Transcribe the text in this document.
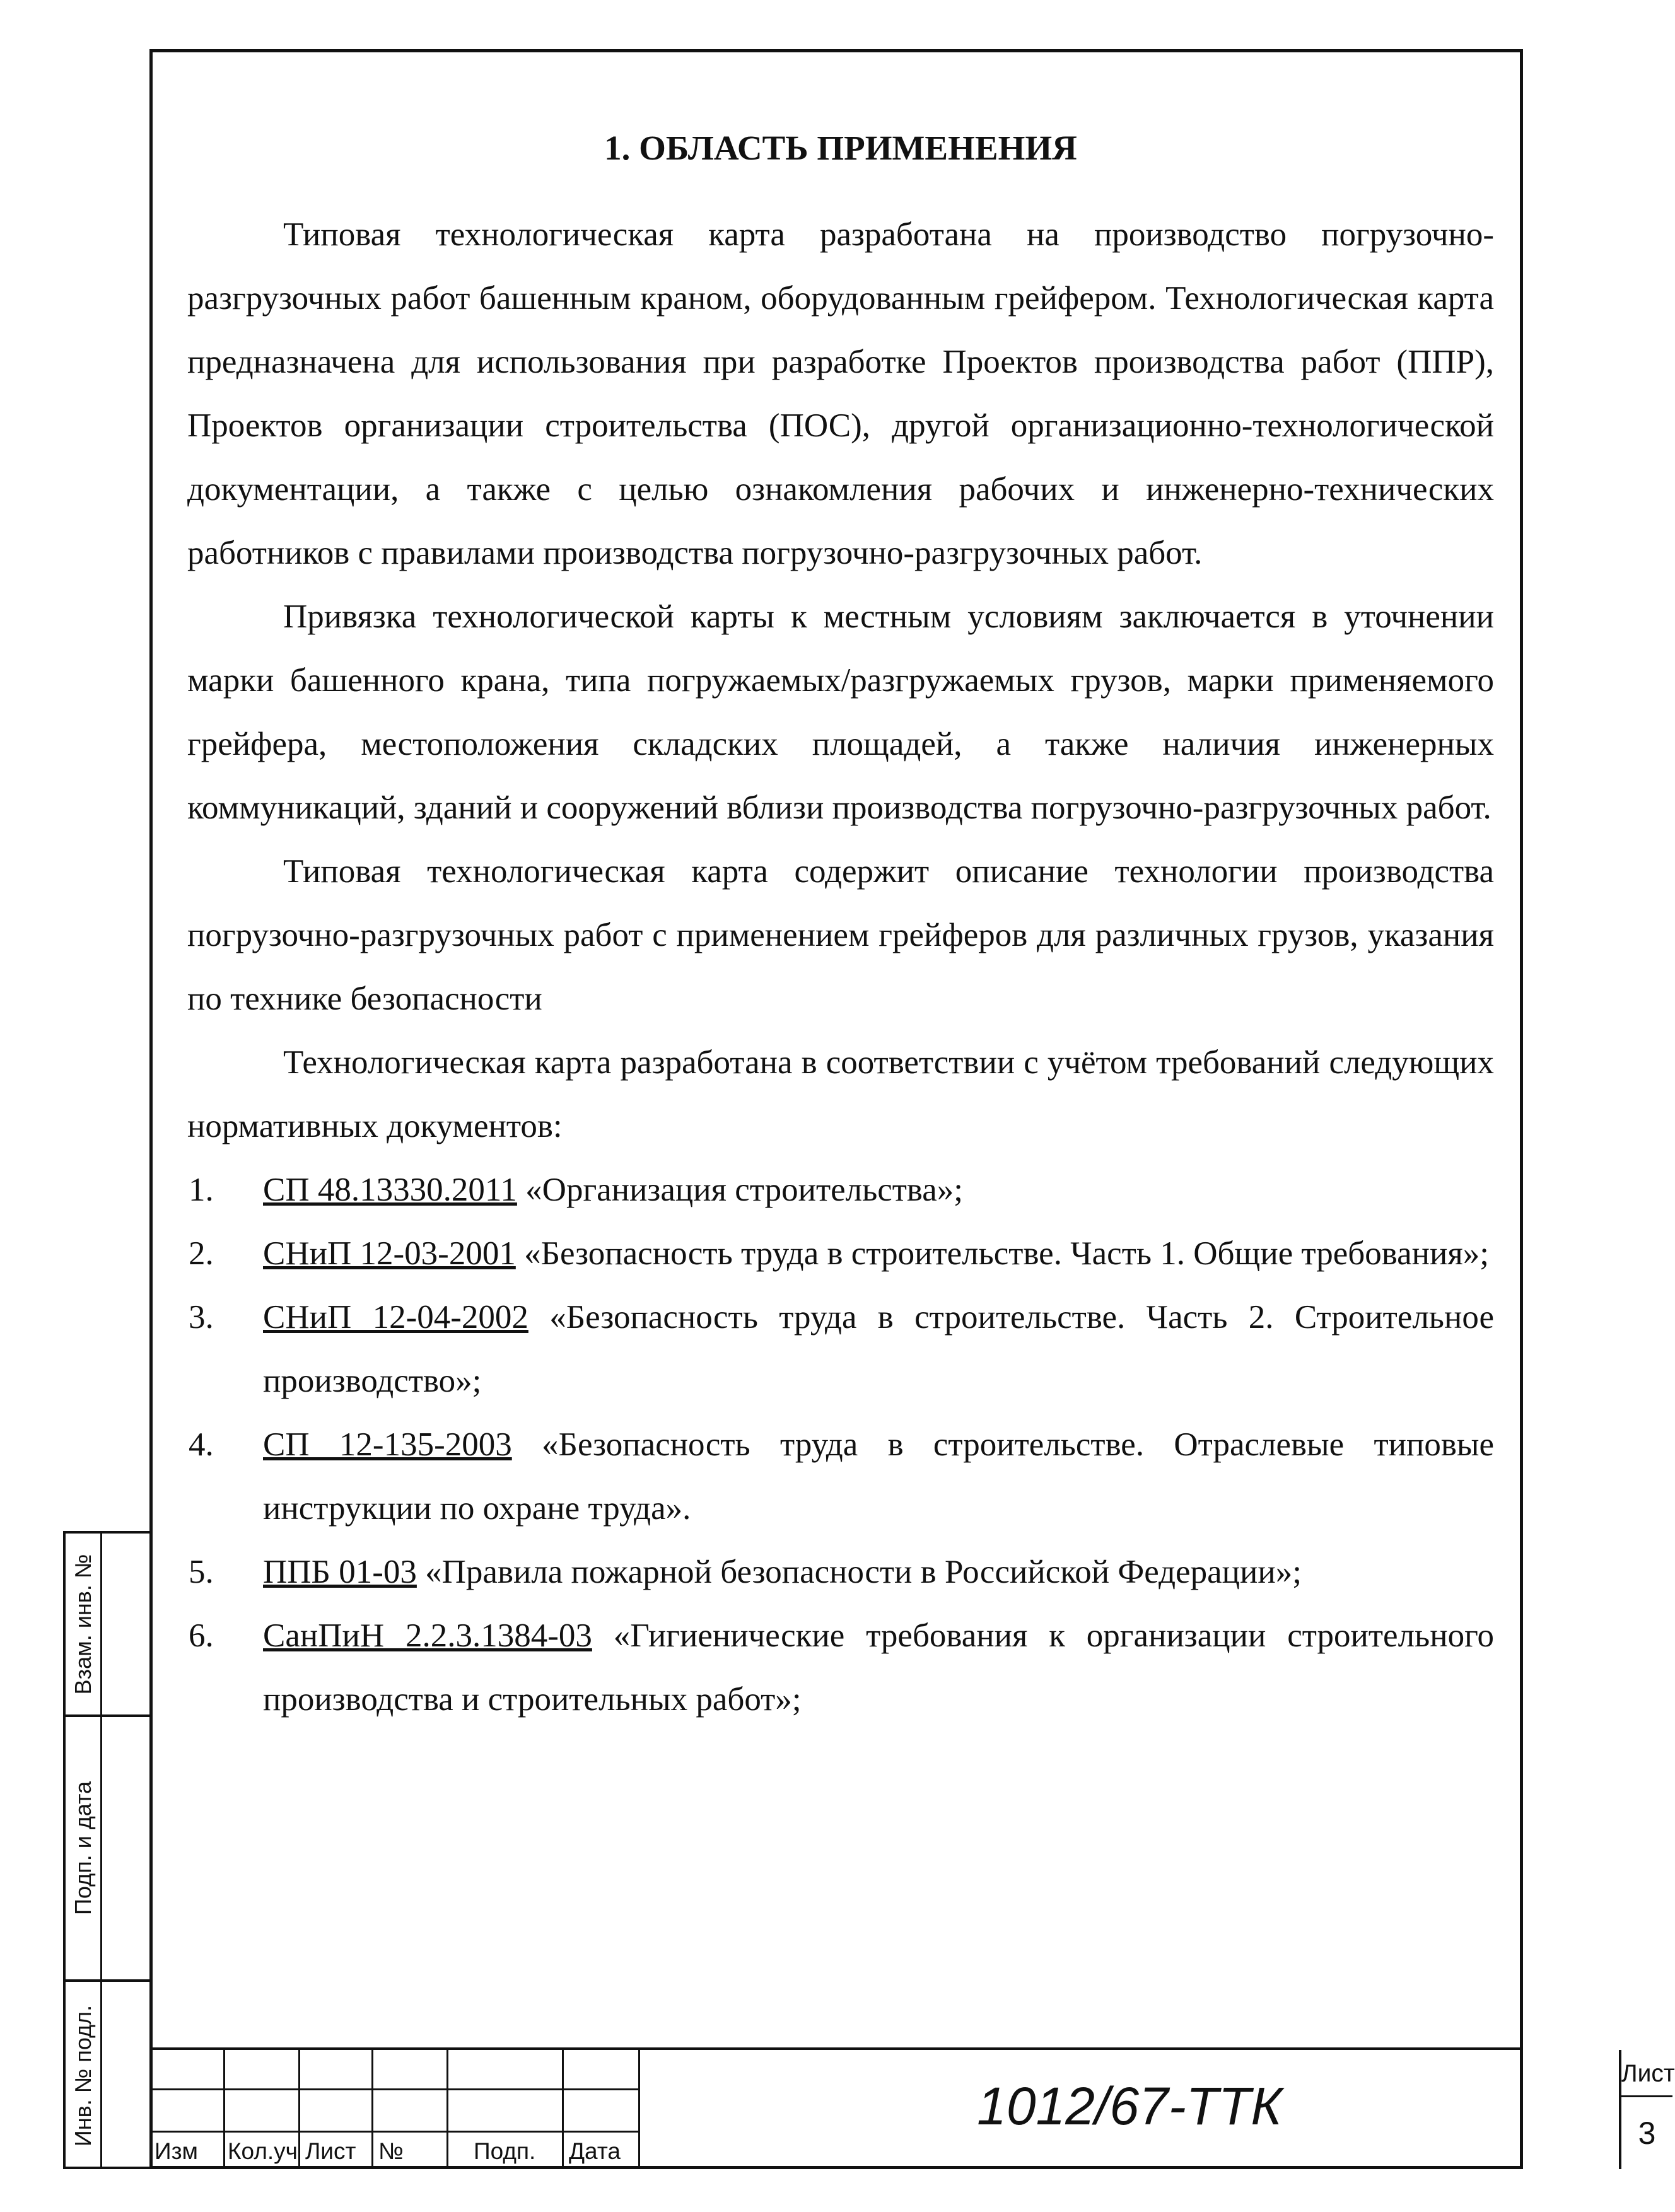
1. ОБЛАСТЬ ПРИМЕНЕНИЯ

Типовая технологическая карта разработана на производство погрузочно-разгрузочных работ башенным краном, оборудованным грейфером. Технологическая карта предназначена для использования при разработке Проектов производства работ (ППР), Проектов организации строительства (ПОС), другой организационно-технологической документации, а также с целью ознакомления рабочих и инженерно-технических работников с правилами производства погрузочно-разгрузочных работ.

Привязка технологической карты к местным условиям заключается в уточнении марки башенного крана, типа погружаемых/разгружаемых грузов, марки применяемого грейфера, местоположения складских площадей, а также наличия инженерных коммуникаций, зданий и сооружений вблизи производства погрузочно-разгрузочных работ.

Типовая технологическая карта содержит описание технологии производства погрузочно-разгрузочных работ с применением грейферов для различных грузов, указания по технике безопасности

Технологическая карта разработана в соответствии с учётом требований следующих нормативных документов:

1. СП 48.13330.2011 «Организация строительства»;
2. СНиП 12-03-2001 «Безопасность труда в строительстве. Часть 1. Общие требования»;
3. СНиП 12-04-2002 «Безопасность труда в строительстве. Часть 2. Строительное производство»;
4. СП 12-135-2003 «Безопасность труда в строительстве. Отраслевые типовые инструкции по охране труда».
5. ППБ 01-03 «Правила пожарной безопасности в Российской Федерации»;
6. СанПиН 2.2.3.1384-03 «Гигиенические требования к организации строительного производства и строительных работ»;
Взам. инв. №
Подп. и дата
Инв. № подл.
Изм	Кол.уч Лист №	Подп.	Дата
1012/67-ТТК
Лист
3
